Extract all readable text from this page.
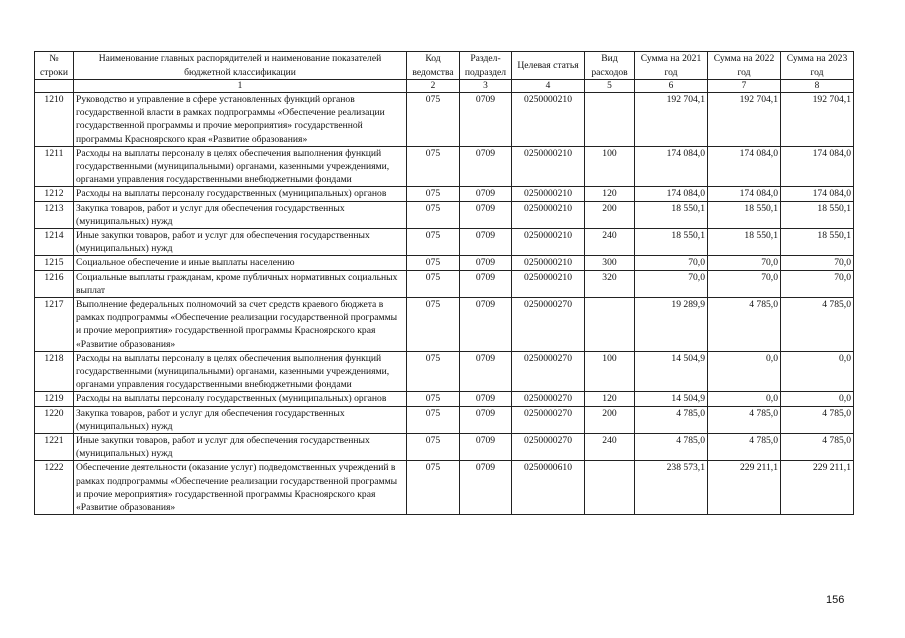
№ строки	Наименование главных распорядителей и наименование показателей бюджетной классификации	Код ведомства	Раздел-подраздел	Целевая статья	Вид расходов	Сумма на 2021 год	Сумма на 2022 год	Сумма на 2023 год
	1	2	3	4	5	6	7	8
1210	Руководство и управление в сфере установленных функций органов государственной власти в рамках подпрограммы «Обеспечение реализации государственной программы и прочие мероприятия» государственной программы Красноярского края «Развитие образования»	075	0709	0250000210		192 704,1	192 704,1	192 704,1
1211	Расходы на выплаты персоналу в целях обеспечения выполнения функций государственными (муниципальными) органами, казенными учреждениями, органами управления государственными внебюджетными фондами	075	0709	0250000210	100	174 084,0	174 084,0	174 084,0
1212	Расходы на выплаты персоналу государственных (муниципальных) органов	075	0709	0250000210	120	174 084,0	174 084,0	174 084,0
1213	Закупка товаров, работ и услуг для обеспечения государственных (муниципальных) нужд	075	0709	0250000210	200	18 550,1	18 550,1	18 550,1
1214	Иные закупки товаров, работ и услуг для обеспечения государственных (муниципальных) нужд	075	0709	0250000210	240	18 550,1	18 550,1	18 550,1
1215	Социальное обеспечение и иные выплаты населению	075	0709	0250000210	300	70,0	70,0	70,0
1216	Социальные выплаты гражданам, кроме публичных нормативных социальных выплат	075	0709	0250000210	320	70,0	70,0	70,0
1217	Выполнение федеральных полномочий за счет средств краевого бюджета в рамках подпрограммы «Обеспечение реализации государственной программы и прочие мероприятия» государственной программы Красноярского края «Развитие образования»	075	0709	0250000270		19 289,9	4 785,0	4 785,0
1218	Расходы на выплаты персоналу в целях обеспечения выполнения функций государственными (муниципальными) органами, казенными учреждениями, органами управления государственными внебюджетными фондами	075	0709	0250000270	100	14 504,9	0,0	0,0
1219	Расходы на выплаты персоналу государственных (муниципальных) органов	075	0709	0250000270	120	14 504,9	0,0	0,0
1220	Закупка товаров, работ и услуг для обеспечения государственных (муниципальных) нужд	075	0709	0250000270	200	4 785,0	4 785,0	4 785,0
1221	Иные закупки товаров, работ и услуг для обеспечения государственных (муниципальных) нужд	075	0709	0250000270	240	4 785,0	4 785,0	4 785,0
1222	Обеспечение деятельности (оказание услуг) подведомственных учреждений в рамках подпрограммы «Обеспечение реализации государственной программы и прочие мероприятия» государственной программы Красноярского края «Развитие образования»	075	0709	0250000610		238 573,1	229 211,1	229 211,1
156
